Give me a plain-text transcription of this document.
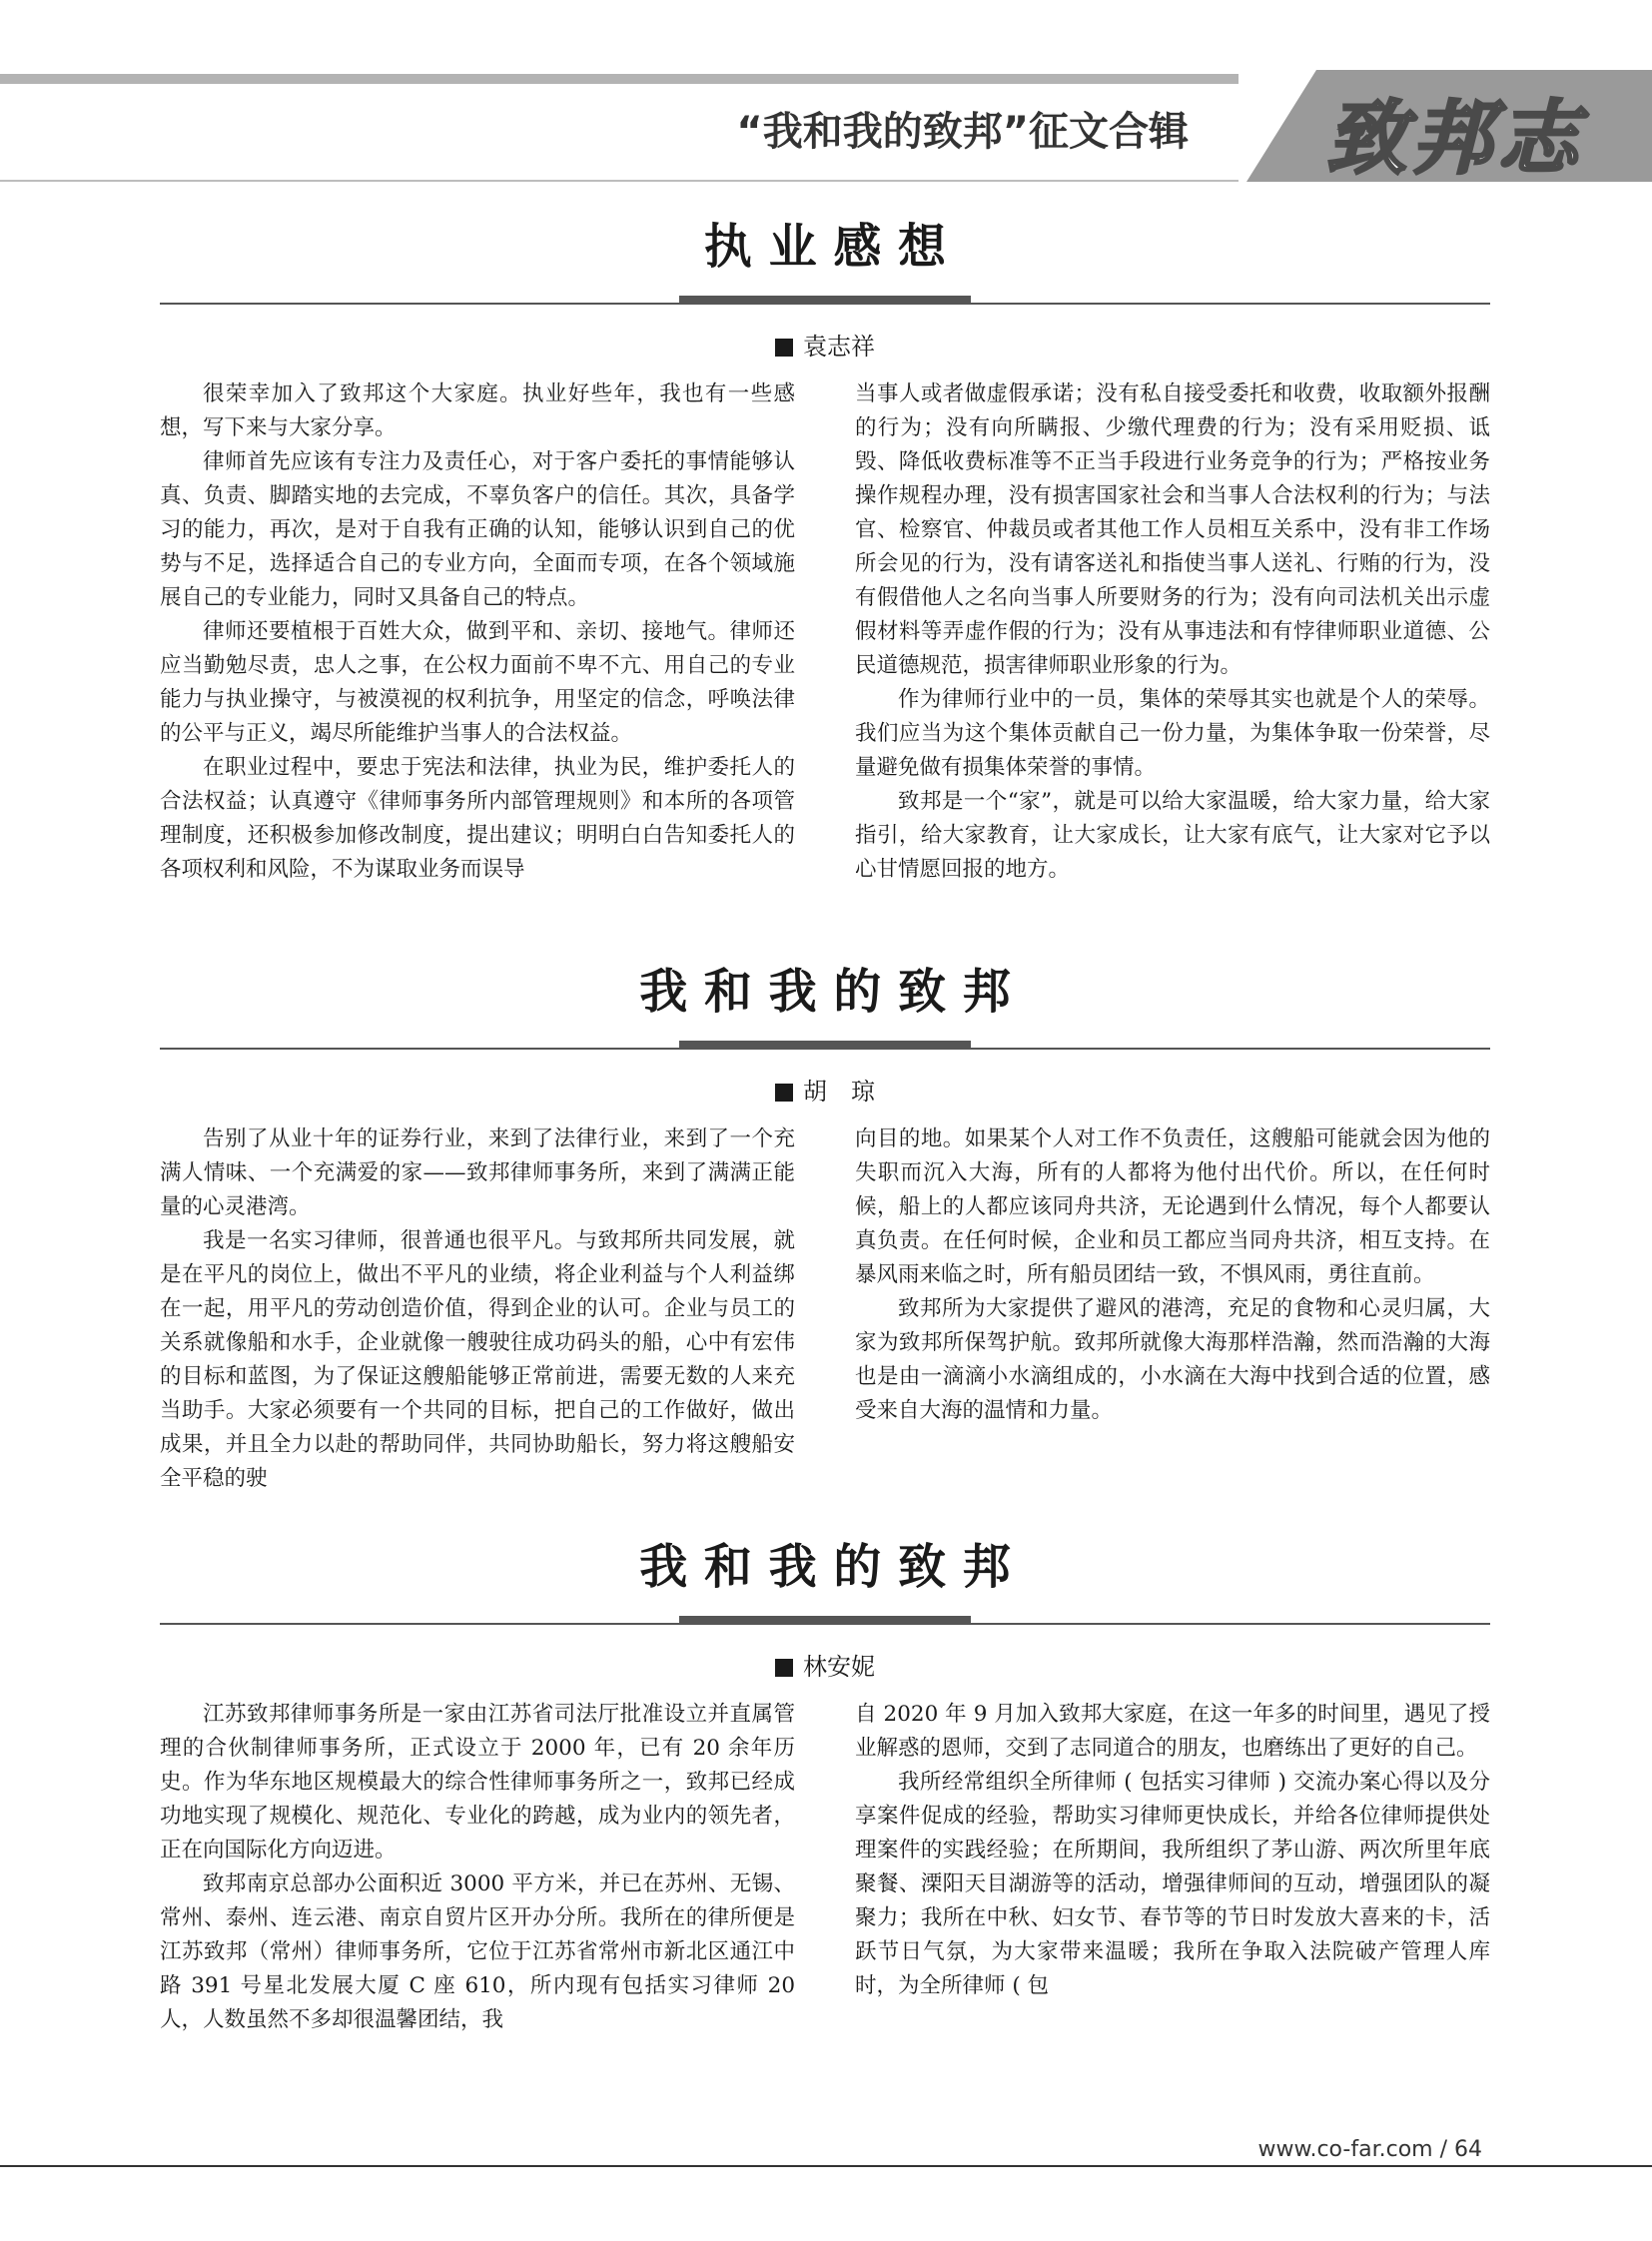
“我和我的致邦”征文合辑 致邦志
执 业 感 想
袁志祥

很荣幸加入了致邦这个大家庭。执业好些年，我也有一些感想，写下来与大家分享。

律师首先应该有专注力及责任心，对于客户委托的事情能够认真、负责、脚踏实地的去完成，不辜负客户的信任。其次，具备学习的能力，再次，是对于自我有正确的认知，能够认识到自己的优势与不足，选择适合自己的专业方向，全面而专项，在各个领域施展自己的专业能力，同时又具备自己的特点。

律师还要植根于百姓大众，做到平和、亲切、接地气。律师还应当勤勉尽责，忠人之事，在公权力面前不卑不亢、用自己的专业能力与执业操守，与被漠视的权利抗争，用坚定的信念，呼唤法律的公平与正义，竭尽所能维护当事人的合法权益。

在职业过程中，要忠于宪法和法律，执业为民，维护委托人的合法权益；认真遵守《律师事务所内部管理规则》和本所的各项管理制度，还积极参加修改制度，提出建议；明明白白告知委托人的各项权利和风险，不为谋取业务而误导

当事人或者做虚假承诺；没有私自接受委托和收费，收取额外报酬的行为；没有向所瞒报、少缴代理费的行为；没有采用贬损、诋毁、降低收费标准等不正当手段进行业务竞争的行为；严格按业务操作规程办理，没有损害国家社会和当事人合法权利的行为；与法官、检察官、仲裁员或者其他工作人员相互关系中，没有非工作场所会见的行为，没有请客送礼和指使当事人送礼、行贿的行为，没有假借他人之名向当事人所要财务的行为；没有向司法机关出示虚假材料等弄虚作假的行为；没有从事违法和有悖律师职业道德、公民道德规范，损害律师职业形象的行为。

作为律师行业中的一员，集体的荣辱其实也就是个人的荣辱。我们应当为这个集体贡献自己一份力量，为集体争取一份荣誉，尽量避免做有损集体荣誉的事情。

致邦是一个“家”，就是可以给大家温暖，给大家力量，给大家指引，给大家教育，让大家成长，让大家有底气，让大家对它予以心甘情愿回报的地方。

我 和 我 的 致 邦
胡　琼

告别了从业十年的证券行业，来到了法律行业，来到了一个充满人情味、一个充满爱的家——致邦律师事务所，来到了满满正能量的心灵港湾。

我是一名实习律师，很普通也很平凡。与致邦所共同发展，就是在平凡的岗位上，做出不平凡的业绩，将企业利益与个人利益绑在一起，用平凡的劳动创造价值，得到企业的认可。企业与员工的关系就像船和水手，企业就像一艘驶往成功码头的船，心中有宏伟的目标和蓝图，为了保证这艘船能够正常前进，需要无数的人来充当助手。大家必须要有一个共同的目标，把自己的工作做好，做出成果，并且全力以赴的帮助同伴，共同协助船长，努力将这艘船安全平稳的驶

向目的地。如果某个人对工作不负责任，这艘船可能就会因为他的失职而沉入大海，所有的人都将为他付出代价。所以，在任何时候，船上的人都应该同舟共济，无论遇到什么情况，每个人都要认真负责。在任何时候，企业和员工都应当同舟共济，相互支持。在暴风雨来临之时，所有船员团结一致，不惧风雨，勇往直前。

致邦所为大家提供了避风的港湾，充足的食物和心灵归属，大家为致邦所保驾护航。致邦所就像大海那样浩瀚，然而浩瀚的大海也是由一滴滴小水滴组成的，小水滴在大海中找到合适的位置，感受来自大海的温情和力量。

我 和 我 的 致 邦
林安妮

江苏致邦律师事务所是一家由江苏省司法厅批准设立并直属管理的合伙制律师事务所，正式设立于 2000 年，已有 20 余年历史。作为华东地区规模最大的综合性律师事务所之一，致邦已经成功地实现了规模化、规范化、专业化的跨越，成为业内的领先者，正在向国际化方向迈进。

致邦南京总部办公面积近 3000 平方米，并已在苏州、无锡、常州、泰州、连云港、南京自贸片区开办分所。我所在的律所便是江苏致邦（常州）律师事务所，它位于江苏省常州市新北区通江中路 391 号星北发展大厦 C 座 610，所内现有包括实习律师 20 人，人数虽然不多却很温馨团结，我

自 2020 年 9 月加入致邦大家庭，在这一年多的时间里，遇见了授业解惑的恩师，交到了志同道合的朋友，也磨练出了更好的自己。

我所经常组织全所律师 ( 包括实习律师 ) 交流办案心得以及分享案件促成的经验，帮助实习律师更快成长，并给各位律师提供处理案件的实践经验；在所期间，我所组织了茅山游、两次所里年底聚餐、溧阳天目湖游等的活动，增强律师间的互动，增强团队的凝聚力；我所在中秋、妇女节、春节等的节日时发放大喜来的卡，活跃节日气氛，为大家带来温暖；我所在争取入法院破产管理人库时，为全所律师 ( 包

www.co-far.com / 64
